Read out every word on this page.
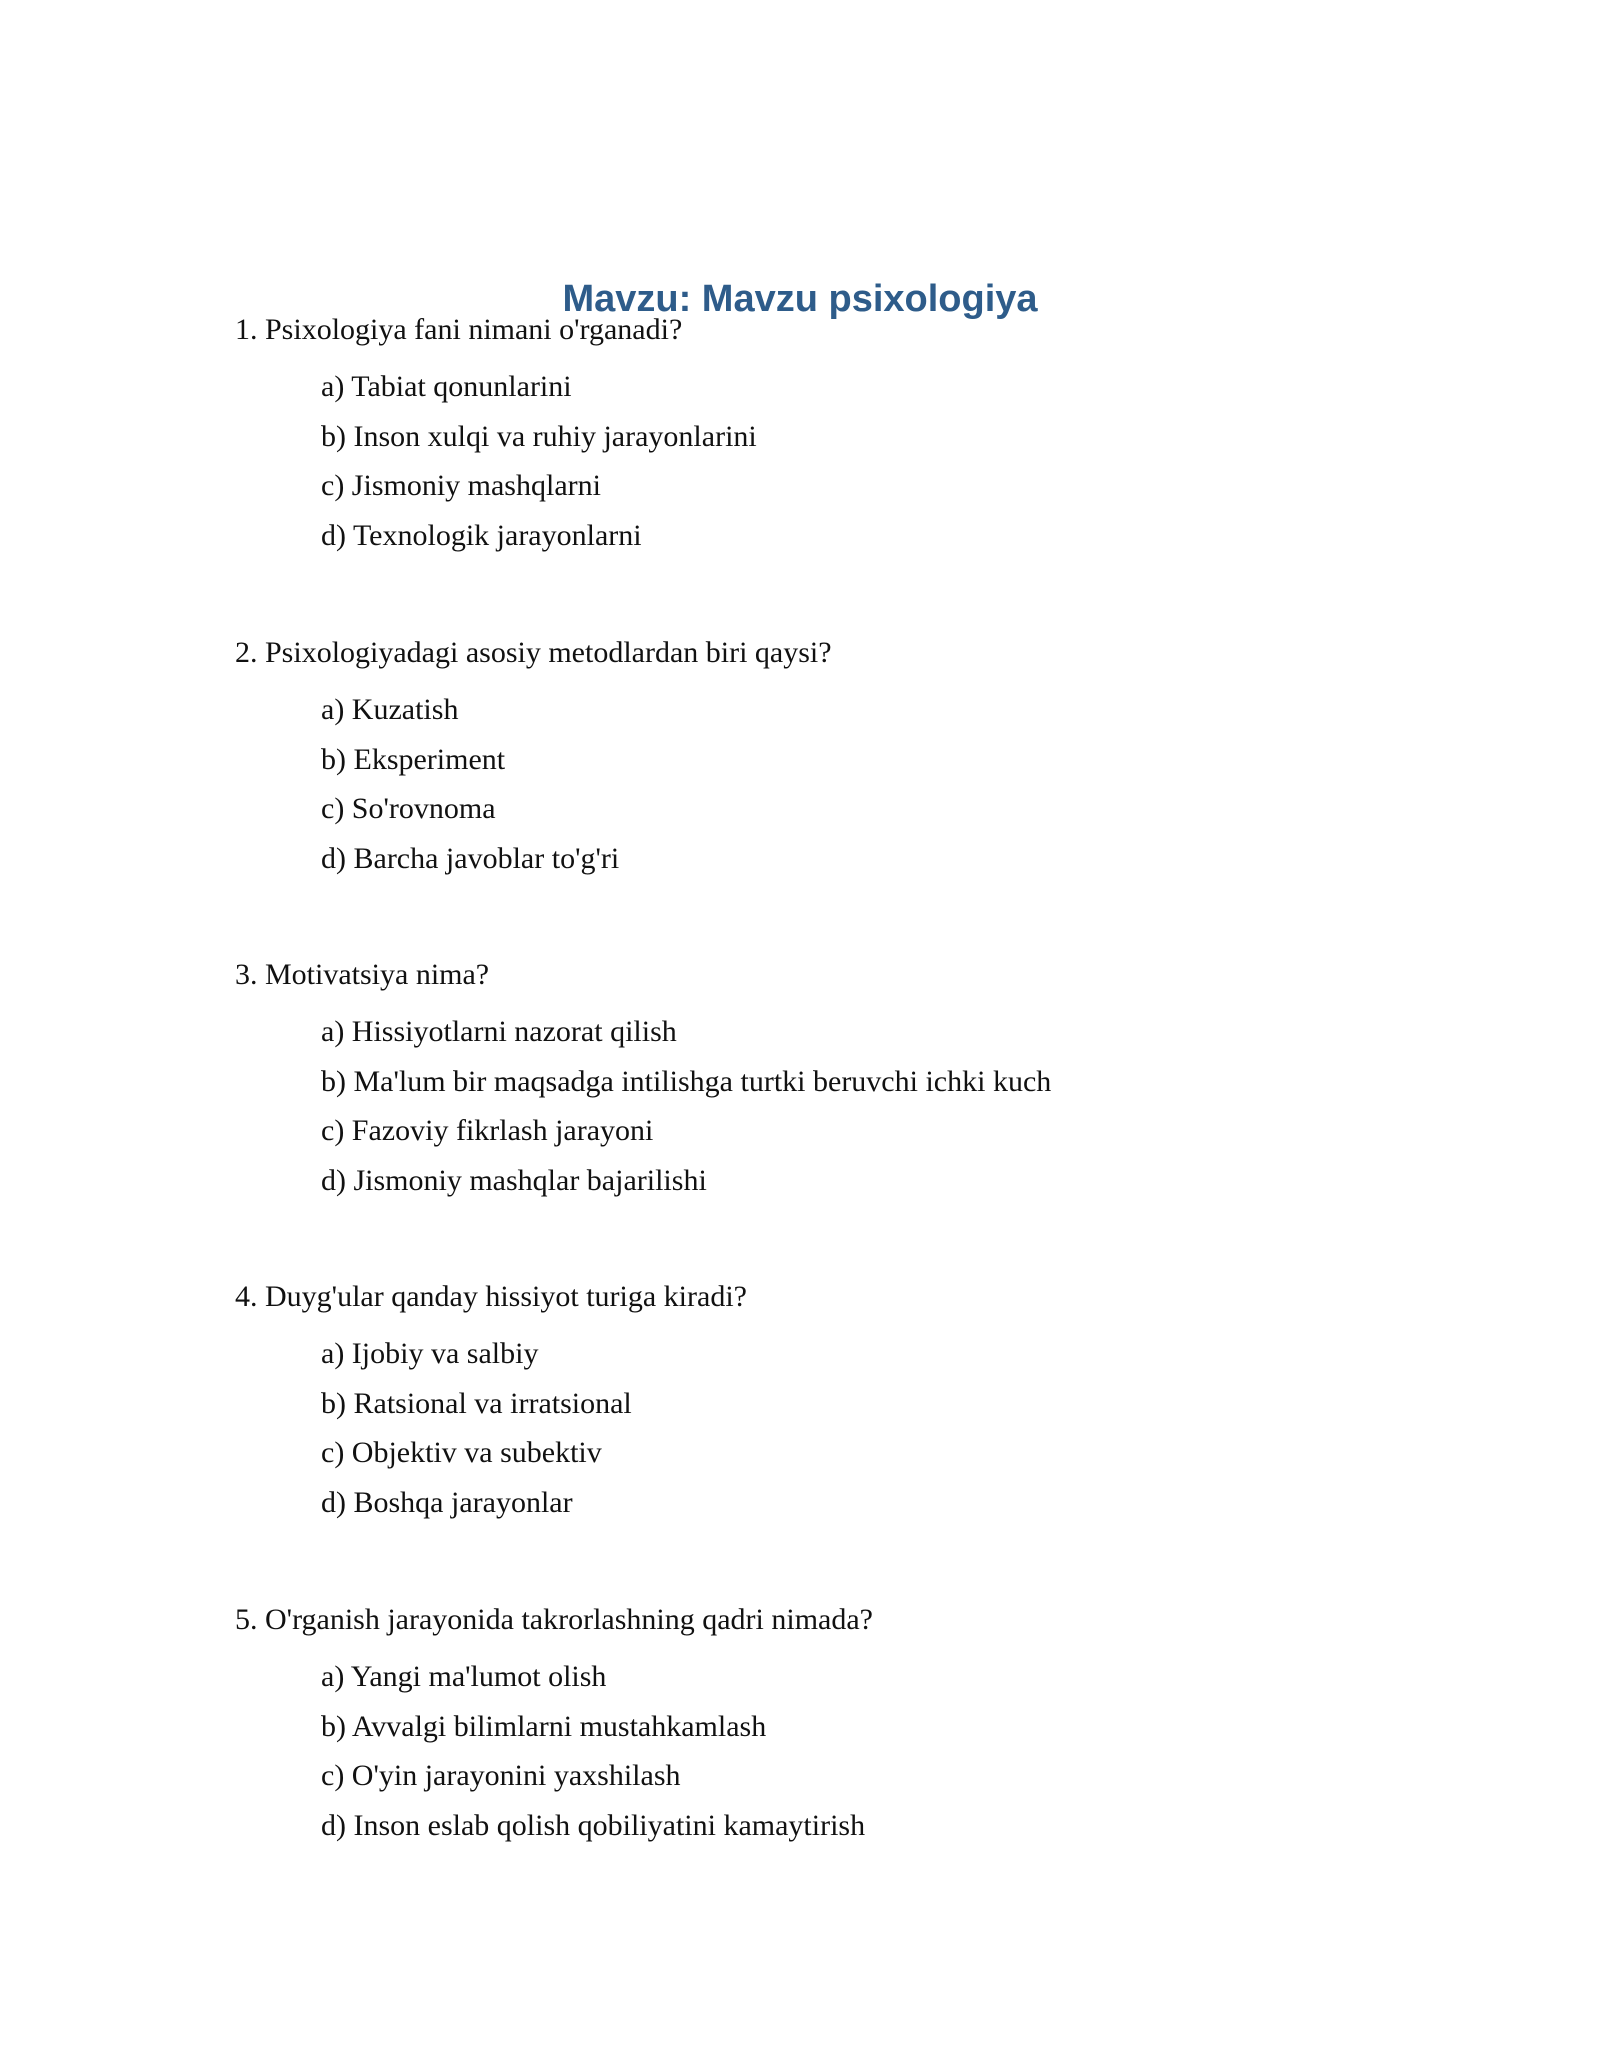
Mavzu: Mavzu psixologiya

1. Psixologiya fani nimani o'rganadi?

a) Tabiat qonunlarini
b) Inson xulqi va ruhiy jarayonlarini
c) Jismoniy mashqlarni
d) Texnologik jarayonlarni

2. Psixologiyadagi asosiy metodlardan biri qaysi?

a) Kuzatish
b) Eksperiment
c) So'rovnoma
d) Barcha javoblar to'g'ri

3. Motivatsiya nima?

a) Hissiyotlarni nazorat qilish
b) Ma'lum bir maqsadga intilishga turtki beruvchi ichki kuch
c) Fazoviy fikrlash jarayoni
d) Jismoniy mashqlar bajarilishi

4. Duyg'ular qanday hissiyot turiga kiradi?

a) Ijobiy va salbiy
b) Ratsional va irratsional
c) Objektiv va subektiv
d) Boshqa jarayonlar

5. O'rganish jarayonida takrorlashning qadri nimada?

a) Yangi ma'lumot olish
b) Avvalgi bilimlarni mustahkamlash
c) O'yin jarayonini yaxshilash
d) Inson eslab qolish qobiliyatini kamaytirish
